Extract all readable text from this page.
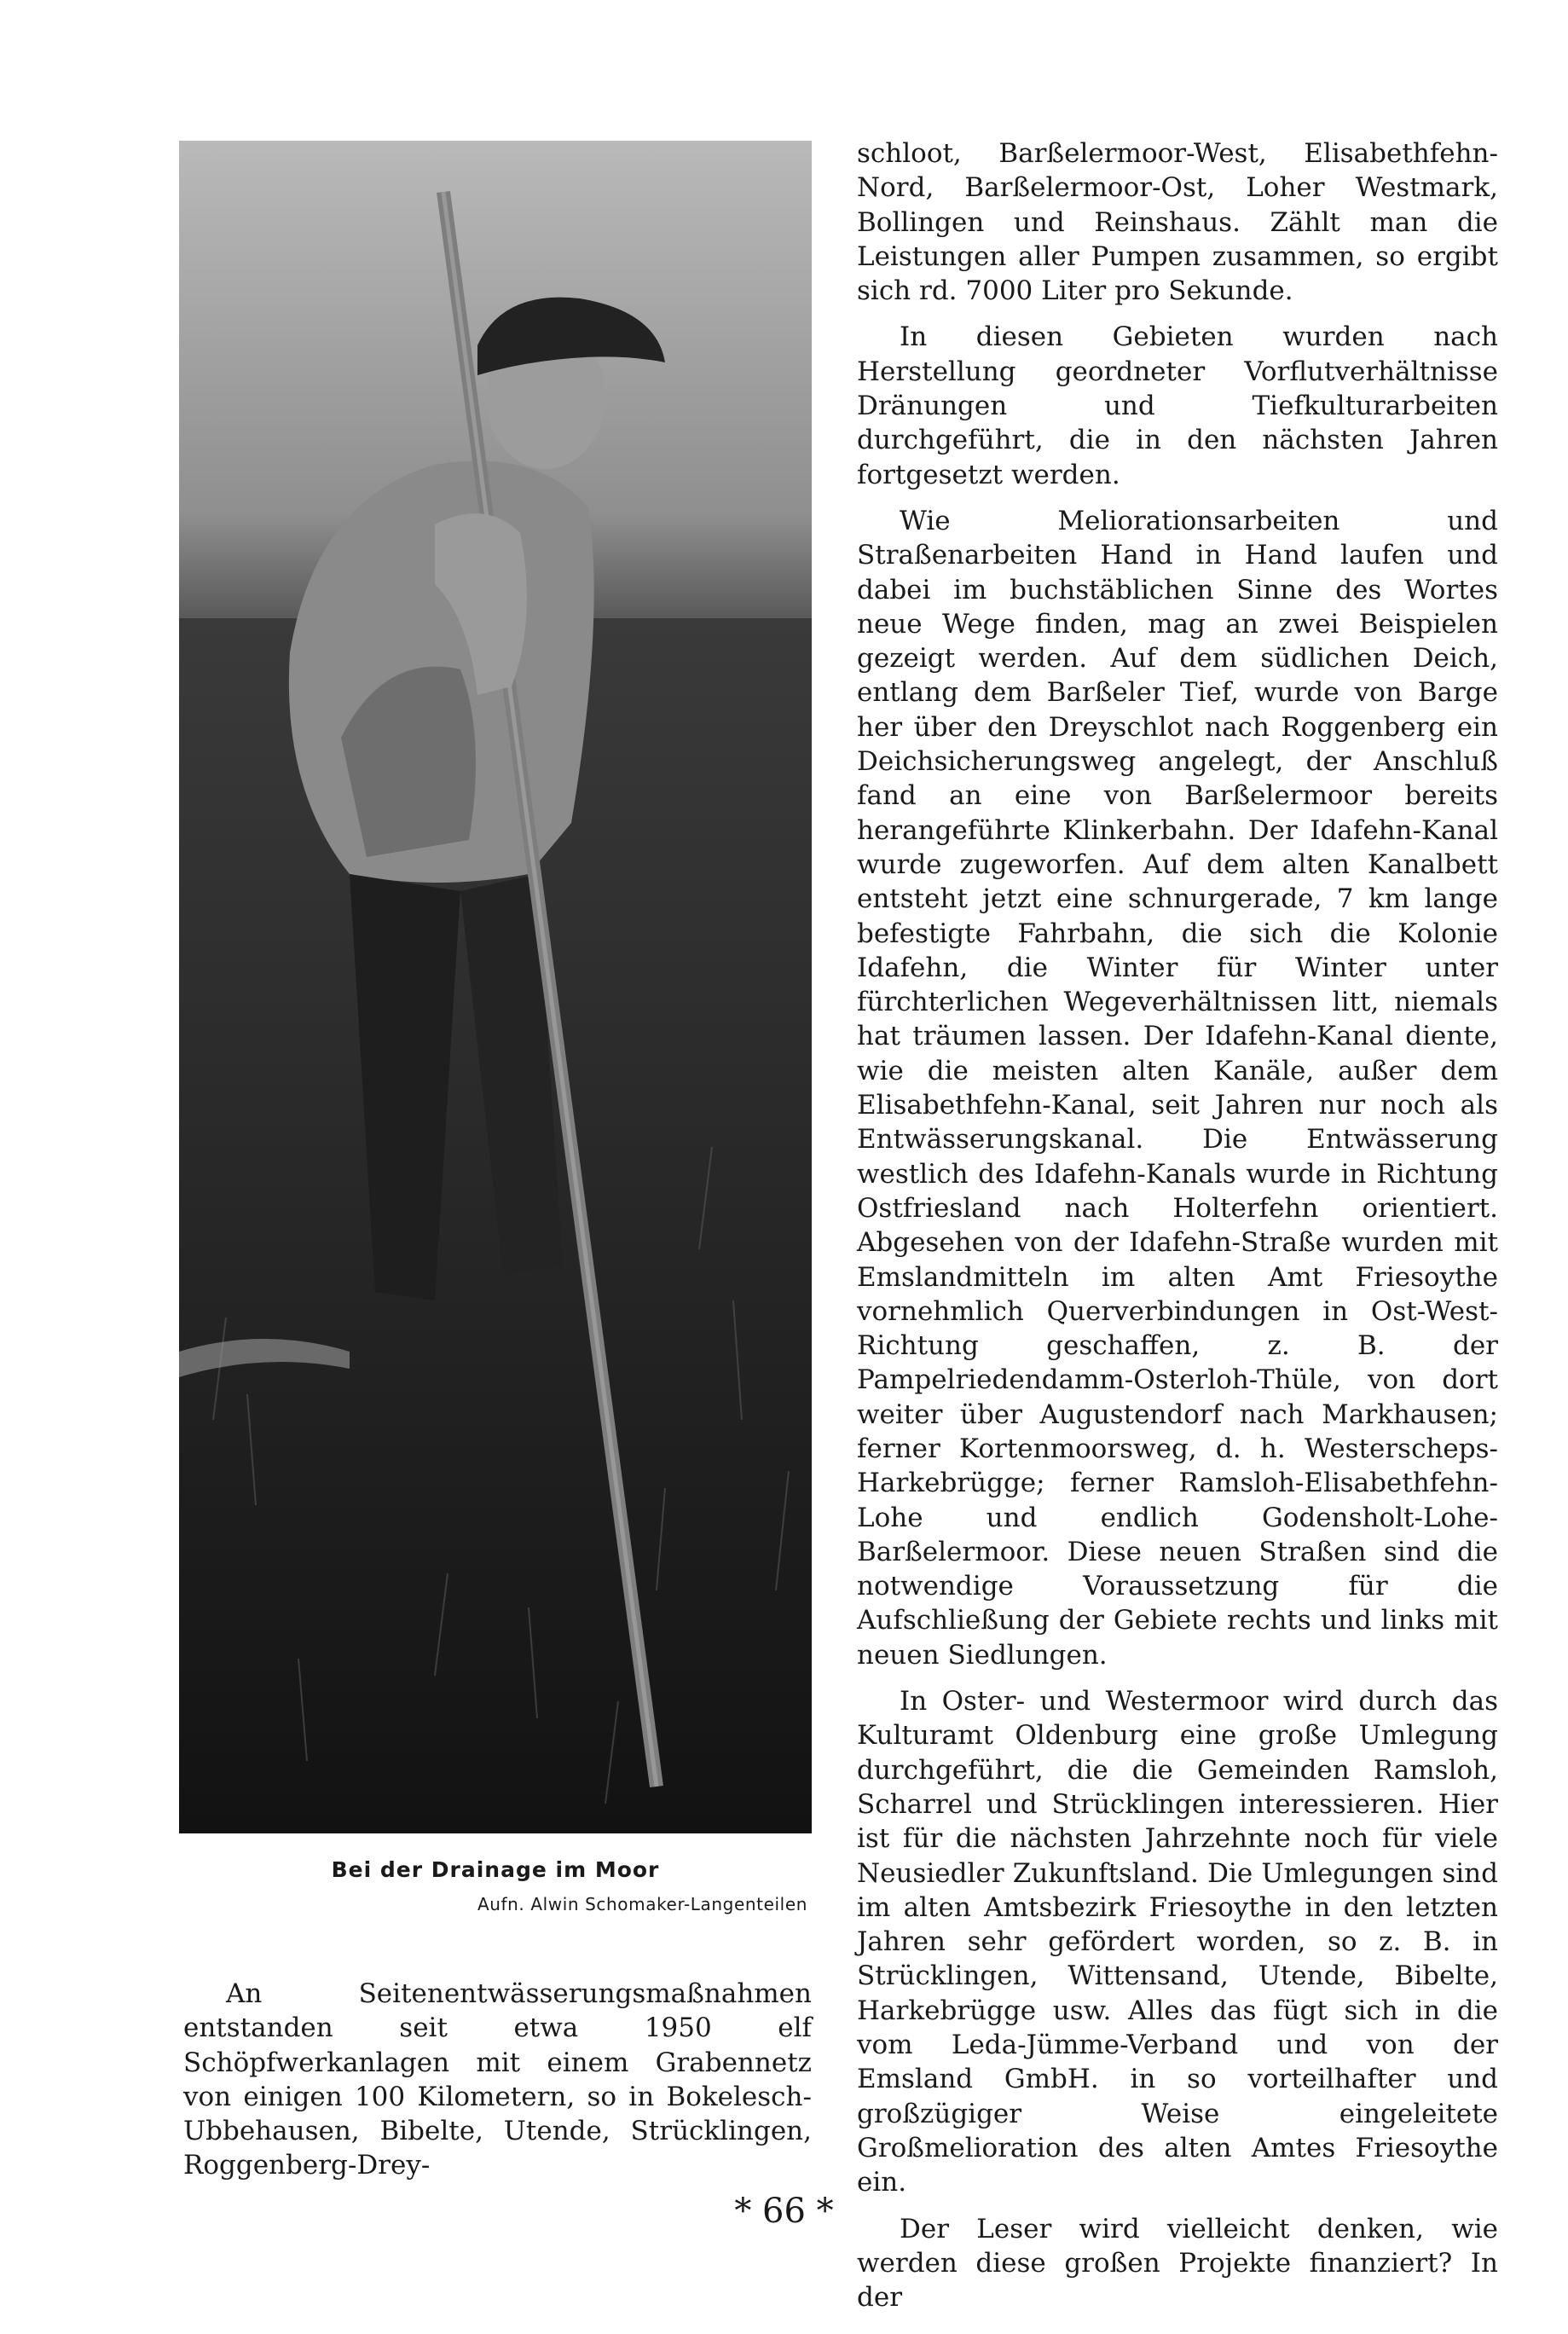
Bei der Drainage im Moor
Aufn. Alwin Schomaker-Langenteilen

An Seitenentwässerungsmaßnahmen entstanden seit etwa 1950 elf Schöpfwerkanlagen mit einem Grabennetz von einigen 100 Kilometern, so in Bokelesch-Ubbehausen, Bibelte, Utende, Strücklingen, Roggenberg-Drey-

schloot, Barßelermoor-West, Elisabethfehn-Nord, Barßelermoor-Ost, Loher Westmark, Bollingen und Reinshaus. Zählt man die Leistungen aller Pumpen zusammen, so ergibt sich rd. 7000 Liter pro Sekunde.

In diesen Gebieten wurden nach Herstellung geordneter Vorflutverhältnisse Dränungen und Tiefkulturarbeiten durchgeführt, die in den nächsten Jahren fortgesetzt werden.

Wie Meliorationsarbeiten und Straßenarbeiten Hand in Hand laufen und dabei im buchstäblichen Sinne des Wortes neue Wege finden, mag an zwei Beispielen gezeigt werden. Auf dem südlichen Deich, entlang dem Barßeler Tief, wurde von Barge her über den Dreyschlot nach Roggenberg ein Deichsicherungsweg angelegt, der Anschluß fand an eine von Barßelermoor bereits herangeführte Klinkerbahn. Der Idafehn-Kanal wurde zugeworfen. Auf dem alten Kanalbett entsteht jetzt eine schnurgerade, 7 km lange befestigte Fahrbahn, die sich die Kolonie Idafehn, die Winter für Winter unter fürchterlichen Wegeverhältnissen litt, niemals hat träumen lassen. Der Idafehn-Kanal diente, wie die meisten alten Kanäle, außer dem Elisabethfehn-Kanal, seit Jahren nur noch als Entwässerungskanal. Die Entwässerung westlich des Idafehn-Kanals wurde in Richtung Ostfriesland nach Holterfehn orientiert. Abgesehen von der Idafehn-Straße wurden mit Emslandmitteln im alten Amt Friesoythe vornehmlich Querverbindungen in Ost-West-Richtung geschaffen, z. B. der Pampelriedendamm-Osterloh-Thüle, von dort weiter über Augustendorf nach Markhausen; ferner Kortenmoorsweg, d. h. Westerscheps-Harkebrügge; ferner Ramsloh-Elisabethfehn-Lohe und endlich Godensholt-Lohe-Barßelermoor. Diese neuen Straßen sind die notwendige Voraussetzung für die Aufschließung der Gebiete rechts und links mit neuen Siedlungen.

In Oster- und Westermoor wird durch das Kulturamt Oldenburg eine große Umlegung durchgeführt, die die Gemeinden Ramsloh, Scharrel und Strücklingen interessieren. Hier ist für die nächsten Jahrzehnte noch für viele Neusiedler Zukunftsland. Die Umlegungen sind im alten Amtsbezirk Friesoythe in den letzten Jahren sehr gefördert worden, so z. B. in Strücklingen, Wittensand, Utende, Bibelte, Harkebrügge usw. Alles das fügt sich in die vom Leda-Jümme-Verband und von der Emsland GmbH. in so vorteilhafter und großzügiger Weise eingeleitete Großmelioration des alten Amtes Friesoythe ein.

Der Leser wird vielleicht denken, wie werden diese großen Projekte finanziert? In der

* 66 *
